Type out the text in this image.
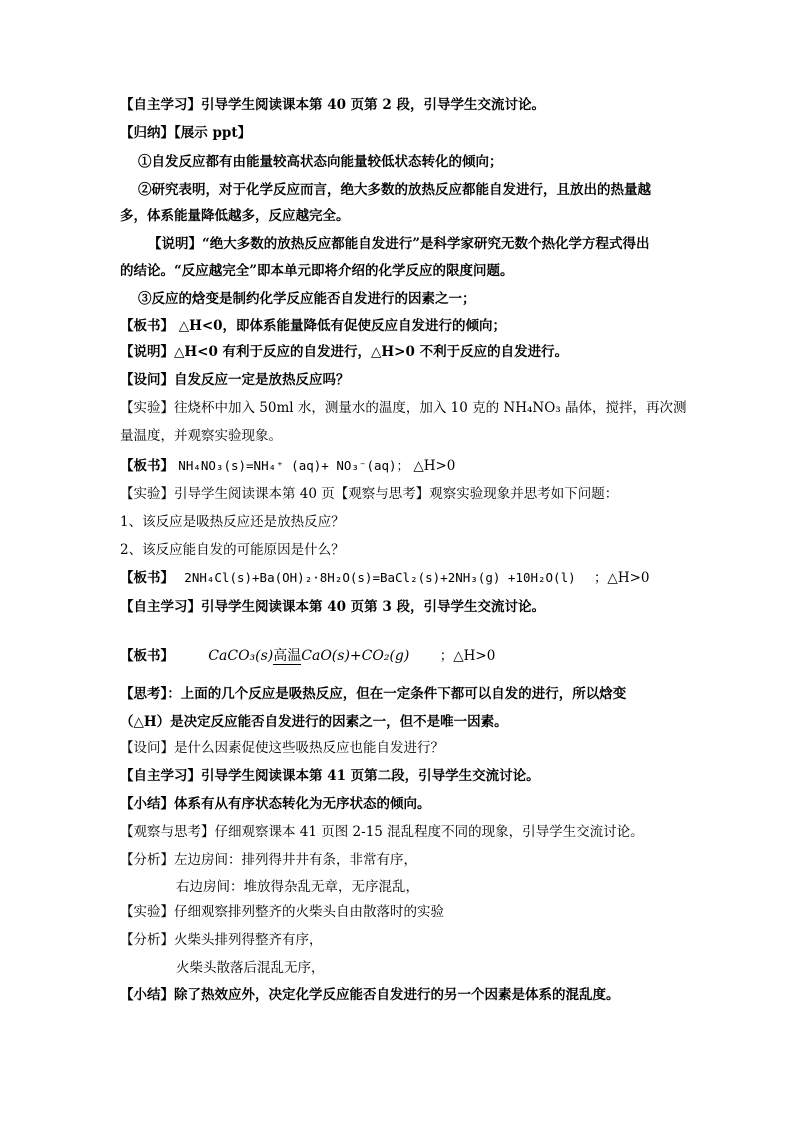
【自主学习】引导学生阅读课本第 40 页第 2 段，引导学生交流讨论。
【归纳】【展示 ppt】
①自发反应都有由能量较高状态向能量较低状态转化的倾向；
②研究表明，对于化学反应而言，绝大多数的放热反应都能自发进行，且放出的热量越
多，体系能量降低越多，反应越完全。
【说明】“绝大多数的放热反应都能自发进行”是科学家研究无数个热化学方程式得出
的结论。“反应越完全”即本单元即将介绍的化学反应的限度问题。
③反应的焓变是制约化学反应能否自发进行的因素之一；
【板书】 △H<0，即体系能量降低有促使反应自发进行的倾向；
【说明】△H<0 有利于反应的自发进行，△H>0 不利于反应的自发进行。
【设问】自发反应一定是放热反应吗？
【实验】往烧杯中加入 50ml 水，测量水的温度，加入 10 克的 NH₄NO₃ 晶体，搅拌，再次测
量温度，并观察实验现象。
【板书】 NH₄NO₃(s)=NH₄⁺ (aq)+ NO₃⁻(aq)； △H>0
【实验】引导学生阅读课本第 40 页【观察与思考】观察实验现象并思考如下问题：
1、该反应是吸热反应还是放热反应？
2、该反应能自发的可能原因是什么？
【板书】 2NH₄Cl(s)+Ba(OH)₂·8H₂O(s)=BaCl₂(s)+2NH₃(g) +10H₂O(l) ；△H>0
【自主学习】引导学生阅读课本第 40 页第 3 段，引导学生交流讨论。
【板书】 CaCO₃(s)高温CaO(s)+CO₂(g) ；△H>0
【思考】：上面的几个反应是吸热反应，但在一定条件下都可以自发的进行，所以焓变
（△H）是决定反应能否自发进行的因素之一，但不是唯一因素。
【设问】是什么因素促使这些吸热反应也能自发进行？
【自主学习】引导学生阅读课本第 41 页第二段，引导学生交流讨论。
【小结】体系有从有序状态转化为无序状态的倾向。
【观察与思考】仔细观察课本 41 页图 2-15 混乱程度不同的现象，引导学生交流讨论。
【分析】左边房间：排列得井井有条，非常有序，
右边房间：堆放得杂乱无章，无序混乱，
【实验】仔细观察排列整齐的火柴头自由散落时的实验
【分析】火柴头排列得整齐有序，
火柴头散落后混乱无序，
【小结】除了热效应外，决定化学反应能否自发进行的另一个因素是体系的混乱度。
